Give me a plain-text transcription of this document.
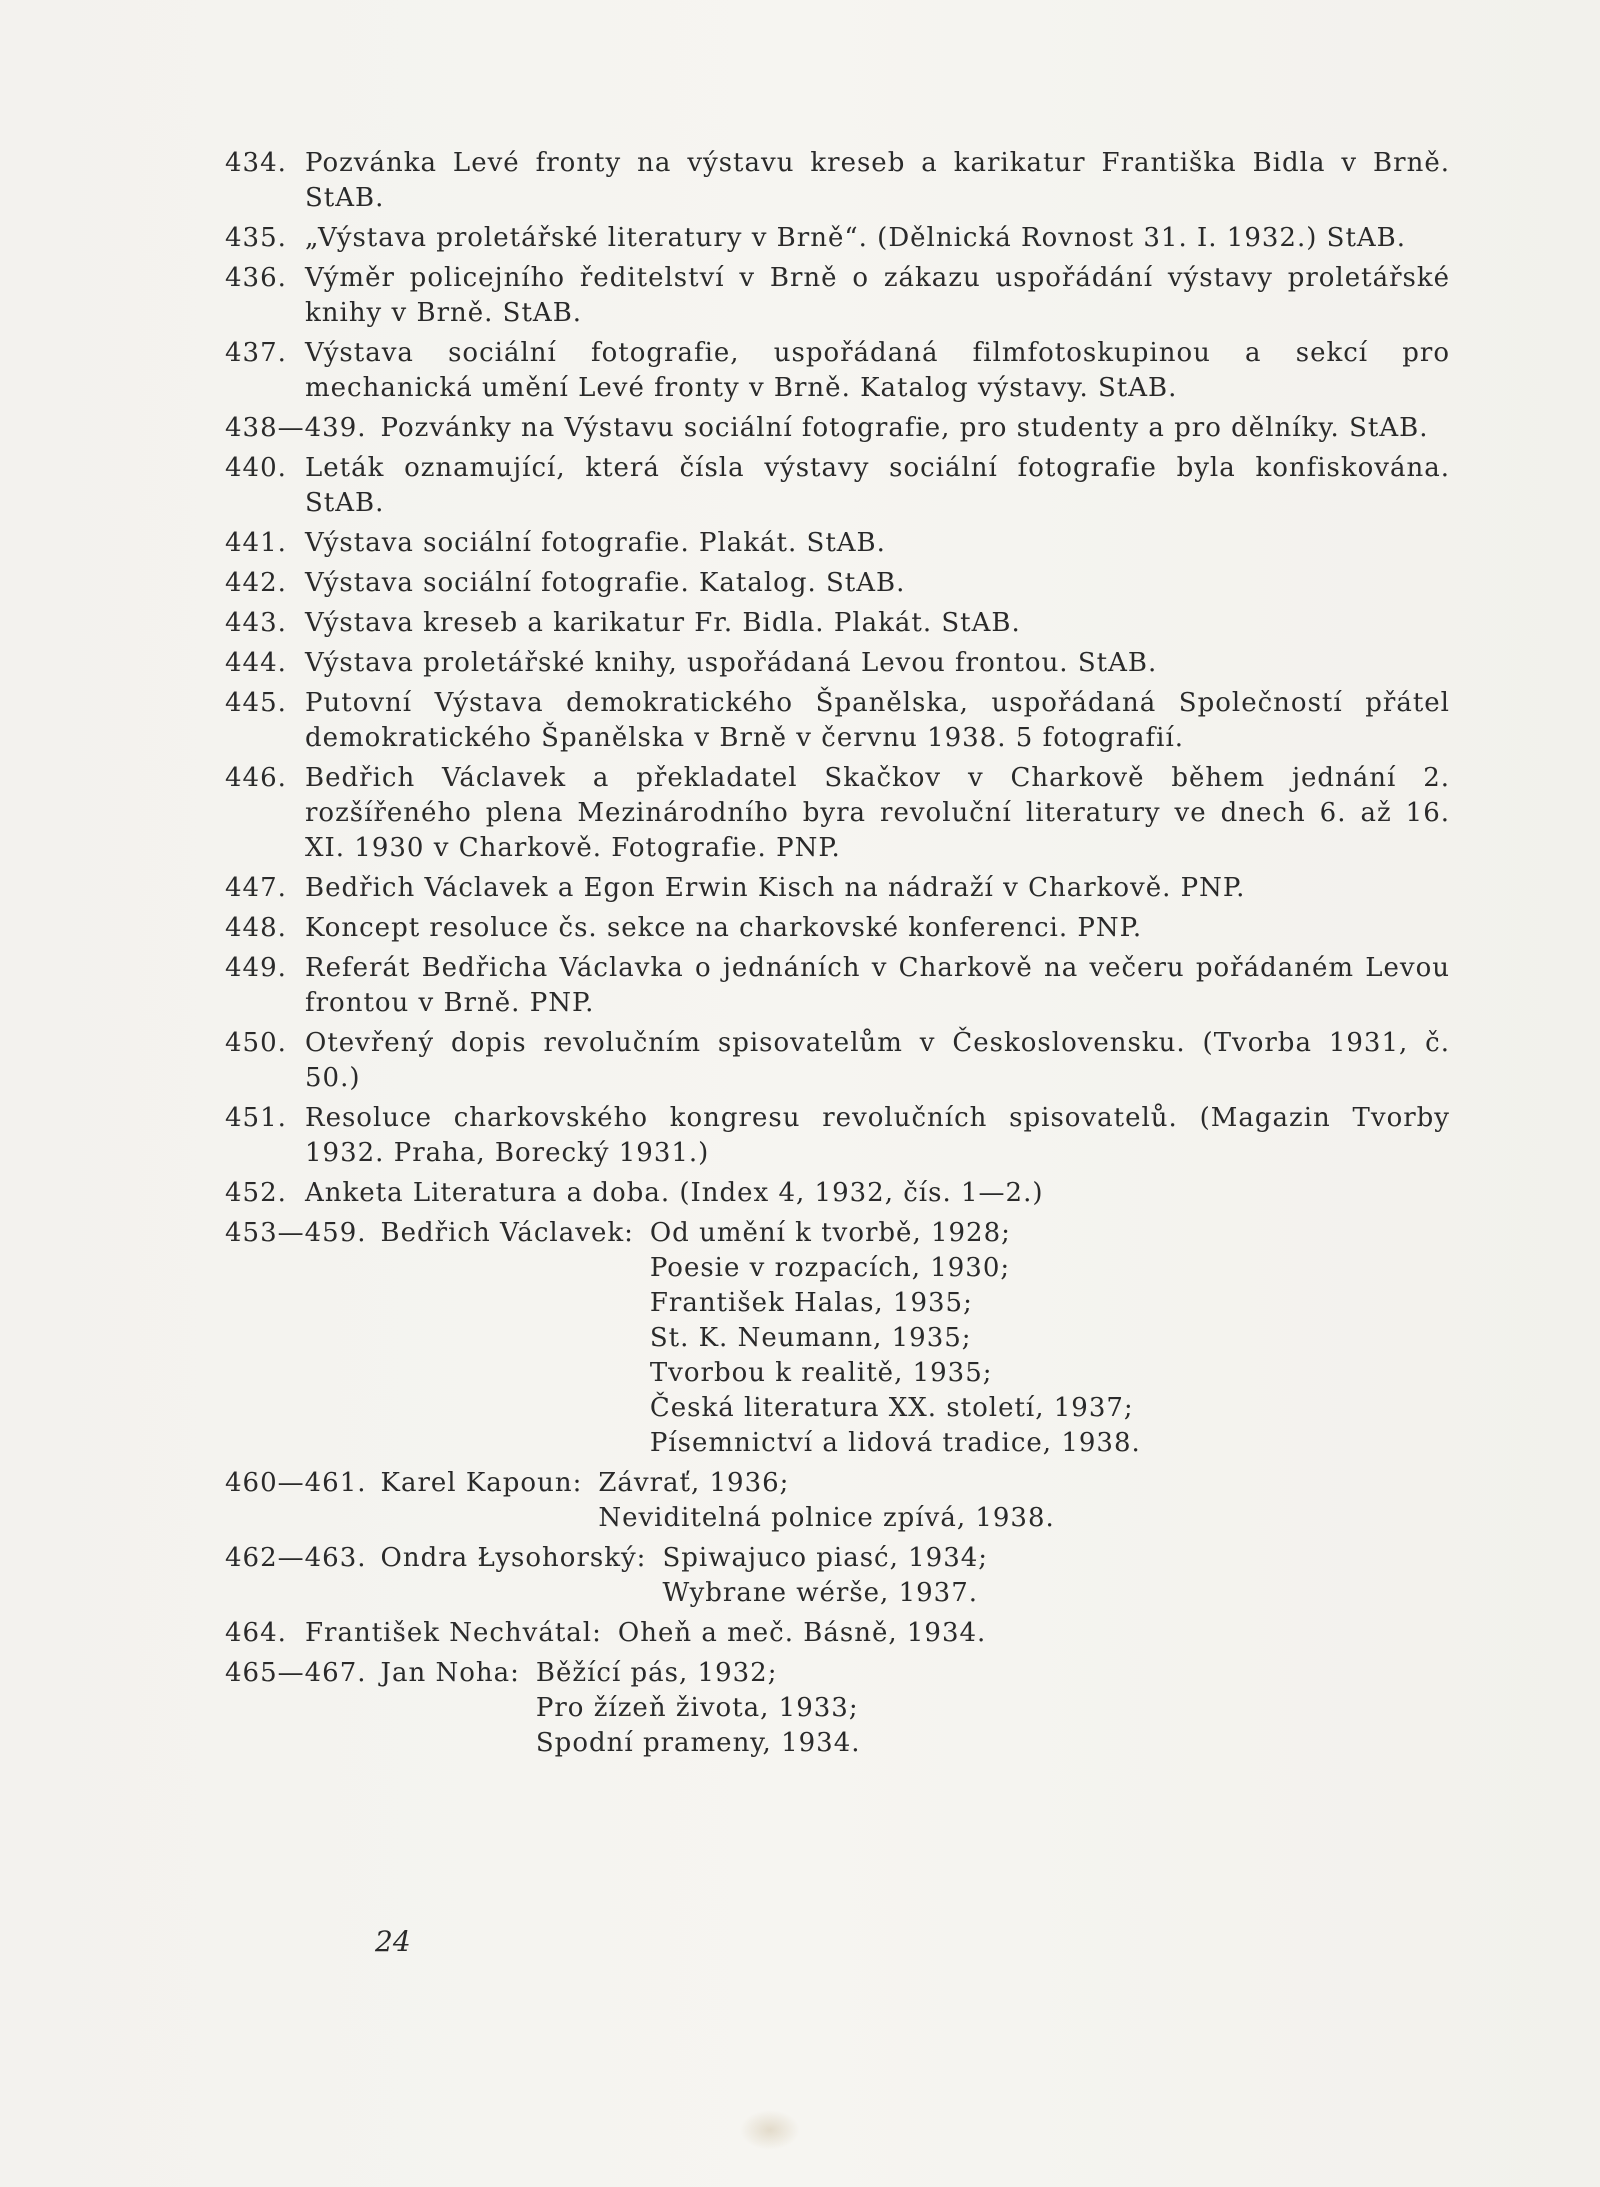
434. Pozvánka Levé fronty na výstavu kreseb a karikatur Františka Bidla v Brně. StAB.
435. „Výstava proletářské literatury v Brně“. (Dělnická Rovnost 31. I. 1932.) StAB.
436. Výměr policejního ředitelství v Brně o zákazu uspořádání výstavy proletářské knihy v Brně. StAB.
437. Výstava sociální fotografie, uspořádaná filmfotoskupinou a sekcí pro mechanická umění Levé fronty v Brně. Katalog výstavy. StAB.
438—439. Pozvánky na Výstavu sociální fotografie, pro studenty a pro dělníky. StAB.
440. Leták oznamující, která čísla výstavy sociální fotografie byla konfiskována. StAB.
441. Výstava sociální fotografie. Plakát. StAB.
442. Výstava sociální fotografie. Katalog. StAB.
443. Výstava kreseb a karikatur Fr. Bidla. Plakát. StAB.
444. Výstava proletářské knihy, uspořádaná Levou frontou. StAB.
445. Putovní Výstava demokratického Španělska, uspořádaná Společností přátel demokratického Španělska v Brně v červnu 1938. 5 fotografií.
446. Bedřich Václavek a překladatel Skačkov v Charkově během jednání 2. rozšířeného plena Mezinárodního byra revoluční literatury ve dnech 6. až 16. XI. 1930 v Charkově. Fotografie. PNP.
447. Bedřich Václavek a Egon Erwin Kisch na nádraží v Charkově. PNP.
448. Koncept resoluce čs. sekce na charkovské konferenci. PNP.
449. Referát Bedřicha Václavka o jednáních v Charkově na večeru pořádaném Levou frontou v Brně. PNP.
450. Otevřený dopis revolučním spisovatelům v Československu. (Tvorba 1931, č. 50.)
451. Resoluce charkovského kongresu revolučních spisovatelů. (Magazin Tvorby 1932. Praha, Borecký 1931.)
452. Anketa Literatura a doba. (Index 4, 1932, čís. 1—2.)
453—459. Bedřich Václavek: Od umění k tvorbě, 1928;
Poesie v rozpacích, 1930;
František Halas, 1935;
St. K. Neumann, 1935;
Tvorbou k realitě, 1935;
Česká literatura XX. století, 1937;
Písemnictví a lidová tradice, 1938.
460—461. Karel Kapoun: Závrať, 1936;
Neviditelná polnice zpívá, 1938.
462—463. Ondra Łysohorský: Spiwajuco piasć, 1934;
Wybrane wérše, 1937.
464. František Nechvátal: Oheň a meč. Básně, 1934.
465—467. Jan Noha: Běžící pás, 1932;
Pro žízeň života, 1933;
Spodní prameny, 1934.
24
